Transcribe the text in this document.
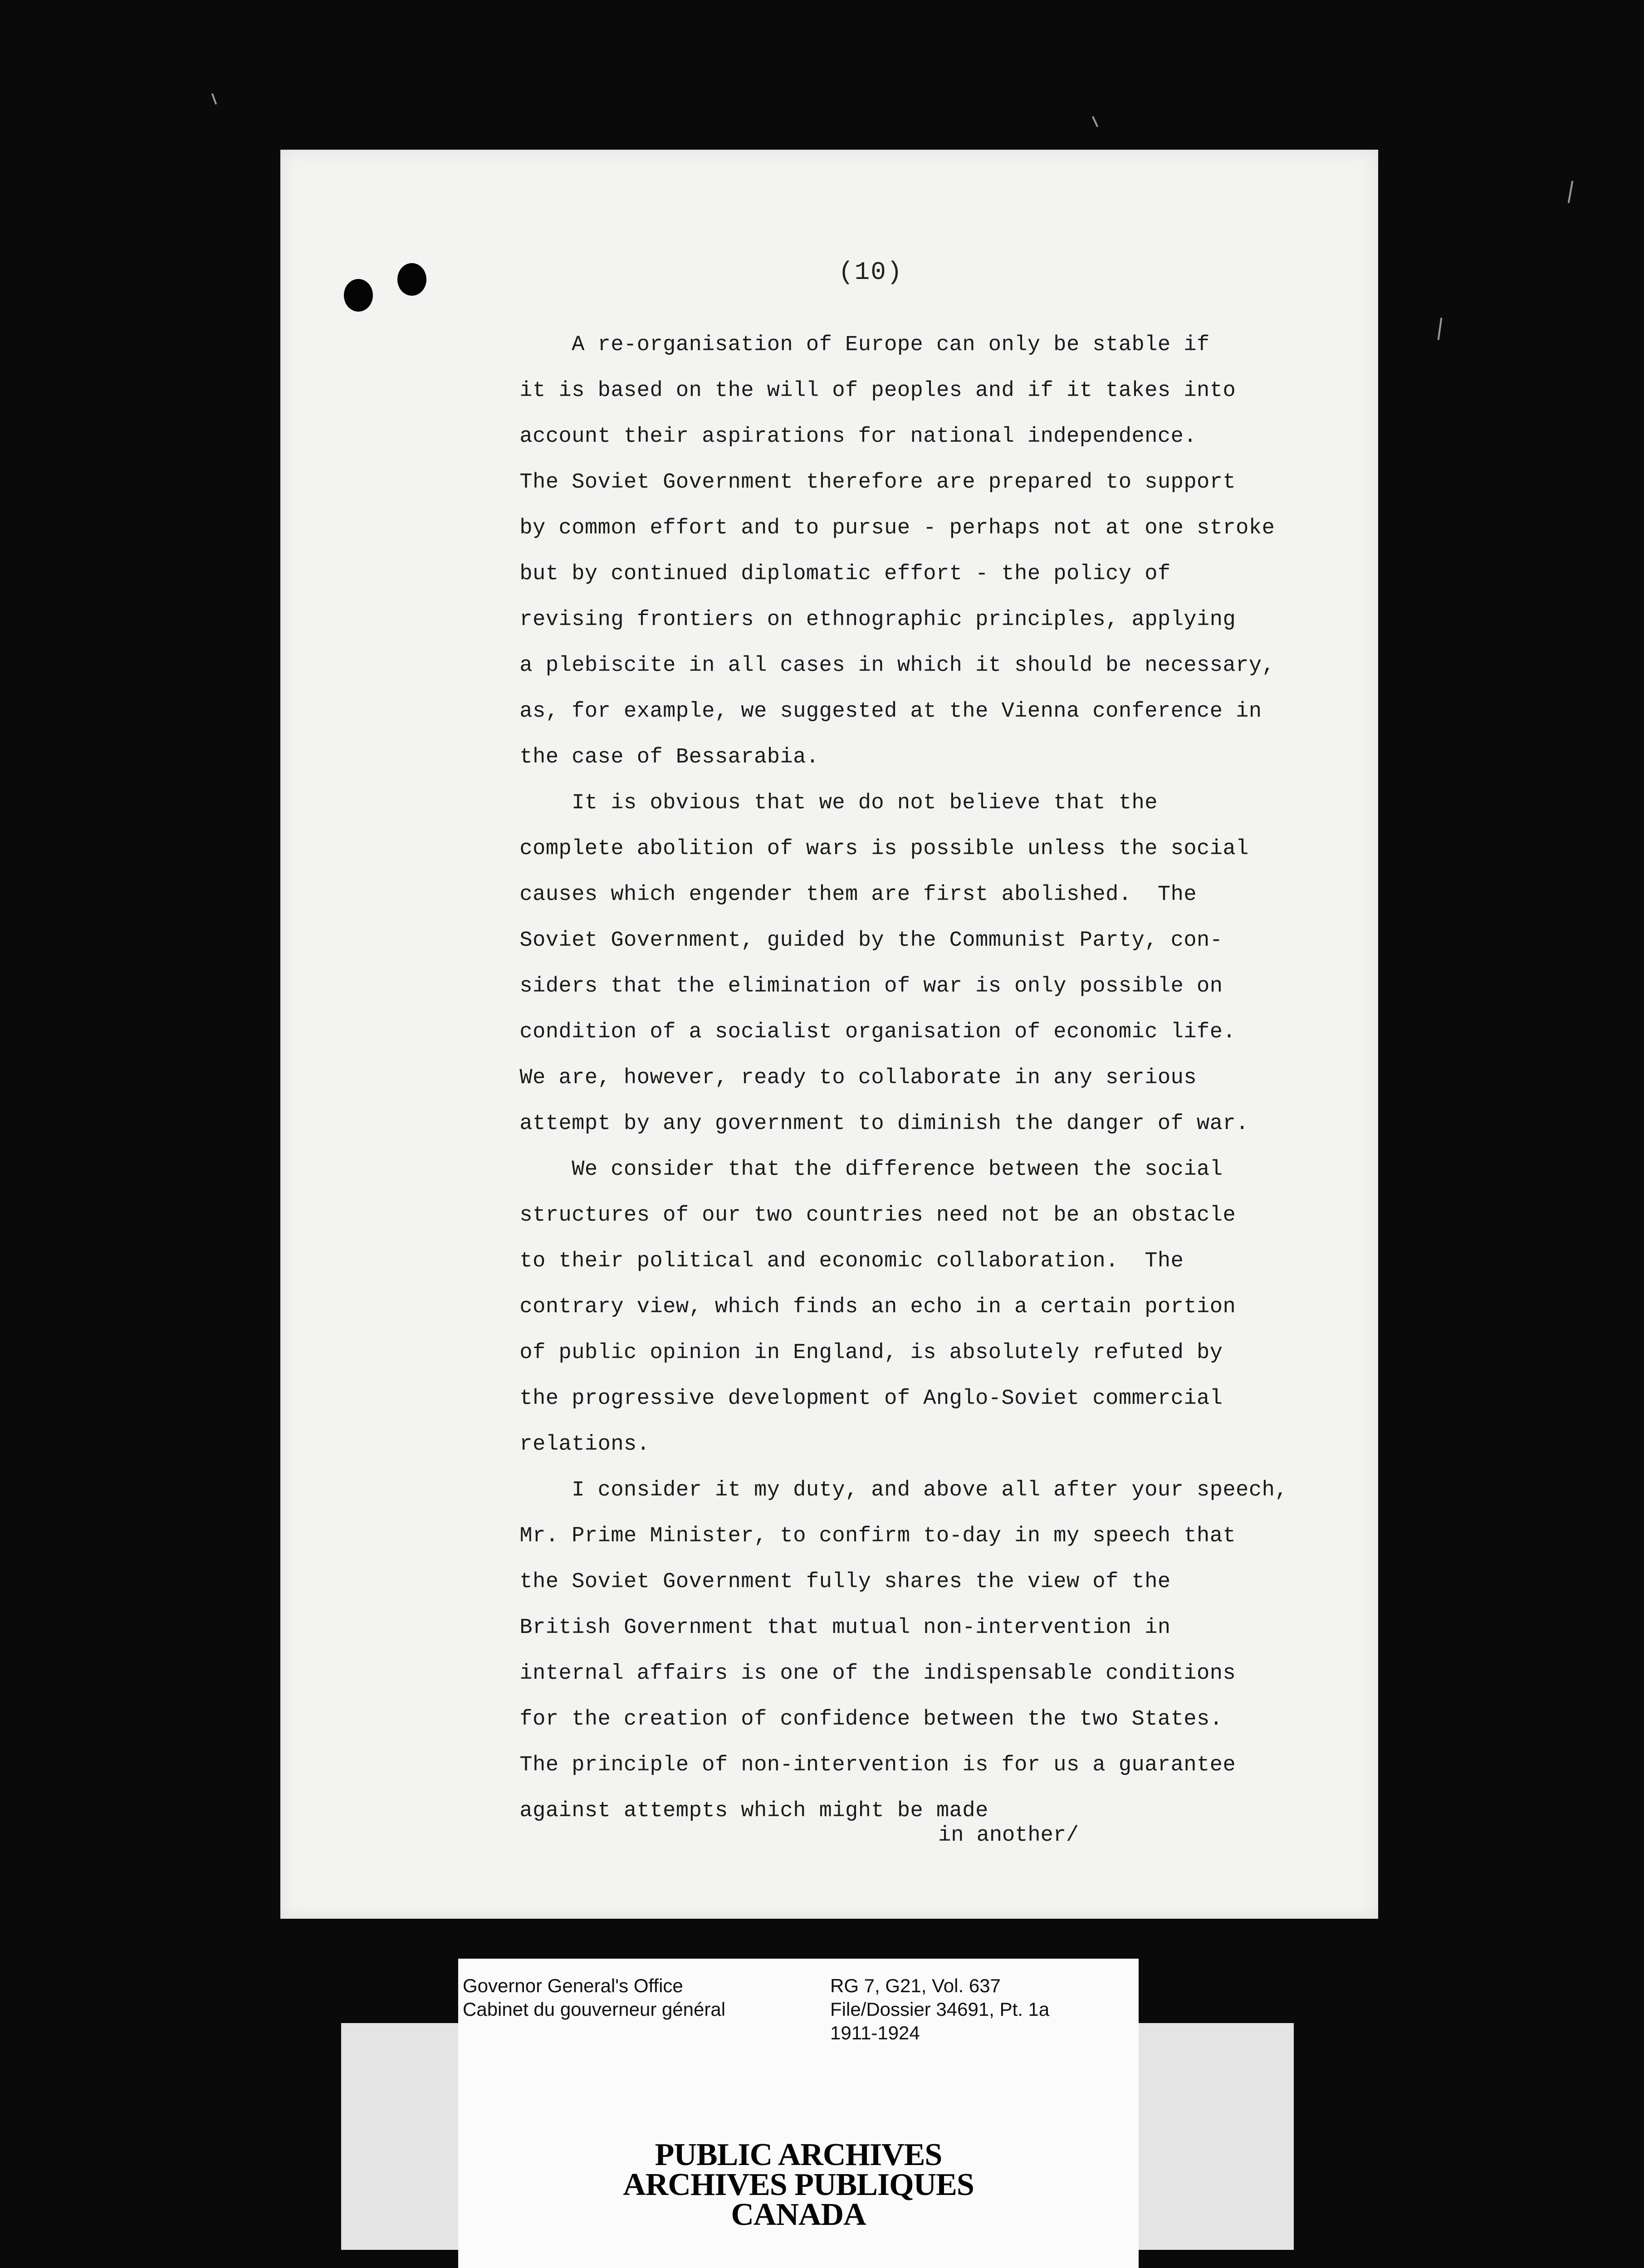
(10)
A re-organisation of Europe can only be stable if
it is based on the will of peoples and if it takes into
account their aspirations for national independence.
The Soviet Government therefore are prepared to support
by common effort and to pursue - perhaps not at one stroke
but by continued diplomatic effort - the policy of
revising frontiers on ethnographic principles, applying
a plebiscite in all cases in which it should be necessary,
as, for example, we suggested at the Vienna conference in
the case of Bessarabia.
It is obvious that we do not believe that the
complete abolition of wars is possible unless the social
causes which engender them are first abolished.  The
Soviet Government, guided by the Communist Party, con-
siders that the elimination of war is only possible on
condition of a socialist organisation of economic life.
We are, however, ready to collaborate in any serious
attempt by any government to diminish the danger of war.
We consider that the difference between the social
structures of our two countries need not be an obstacle
to their political and economic collaboration.  The
contrary view, which finds an echo in a certain portion
of public opinion in England, is absolutely refuted by
the progressive development of Anglo-Soviet commercial
relations.
I consider it my duty, and above all after your speech,
Mr. Prime Minister, to confirm to-day in my speech that
the Soviet Government fully shares the view of the
British Government that mutual non-intervention in
internal affairs is one of the indispensable conditions
for the creation of confidence between the two States.
The principle of non-intervention is for us a guarantee
against attempts which might be made
in another/
Governor General's Office
Cabinet du gouverneur général
RG 7, G21, Vol. 637
File/Dossier 34691, Pt. 1a
1911-1924
PUBLIC ARCHIVES
ARCHIVES PUBLIQUES
CANADA
